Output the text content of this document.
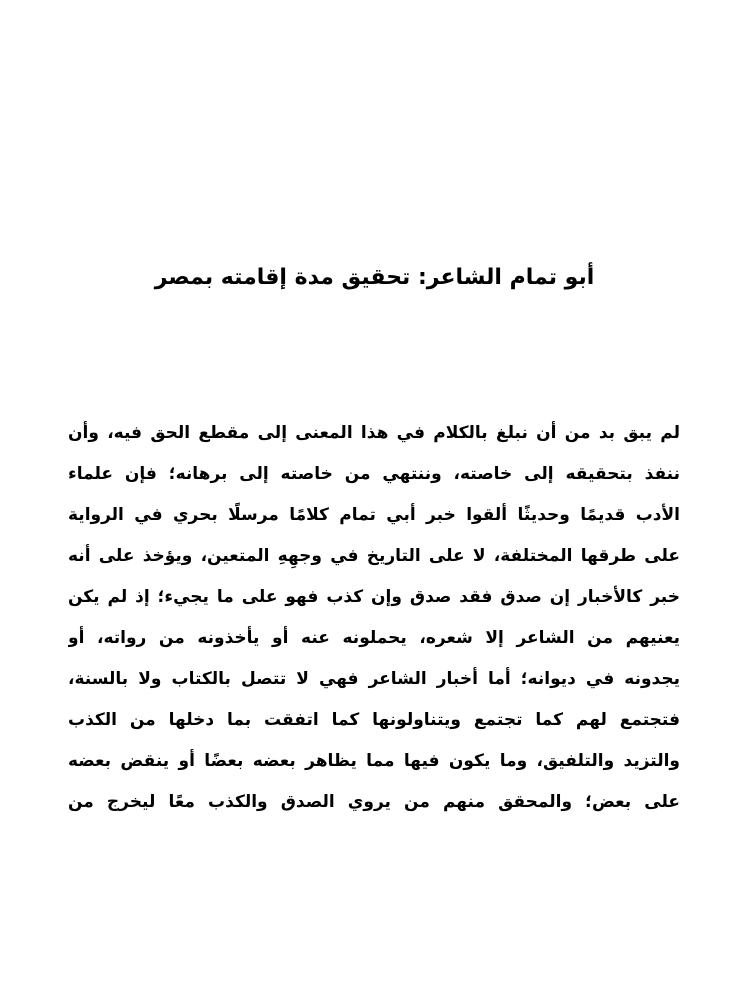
أبو تمام الشاعر: تحقيق مدة إقامته بمصر
لم يبق بد من أن نبلغ بالكلام في هذا المعنى إلى مقطع الحق فيه، وأن
ننفذ بتحقيقه إلى خاصته، وننتهي من خاصته إلى برهانه؛ فإن علماء
الأدب قديمًا وحديثًا ألقوا خبر أبي تمام كلامًا مرسلًا بحري في الرواية
على طرقها المختلفة، لا على التاريخ في وجهِهِ المتعين، ويؤخذ على أنه
خبر كالأخبار إن صدق فقد صدق وإن كذب فهو على ما يجيء؛ إذ لم يكن
يعنيهم من الشاعر إلا شعره، يحملونه عنه أو يأخذونه من رواته، أو
يجدونه في ديوانه؛ أما أخبار الشاعر فهي لا تتصل بالكتاب ولا بالسنة،
فتجتمع لهم كما تجتمع ويتناولونها كما اتفقت بما دخلها من الكذب
والتزيد والتلفيق، وما يكون فيها مما يظاهر بعضه بعضًا أو ينقض بعضه
على بعض؛ والمحقق منهم من يروي الصدق والكذب معًا ليخرج من
